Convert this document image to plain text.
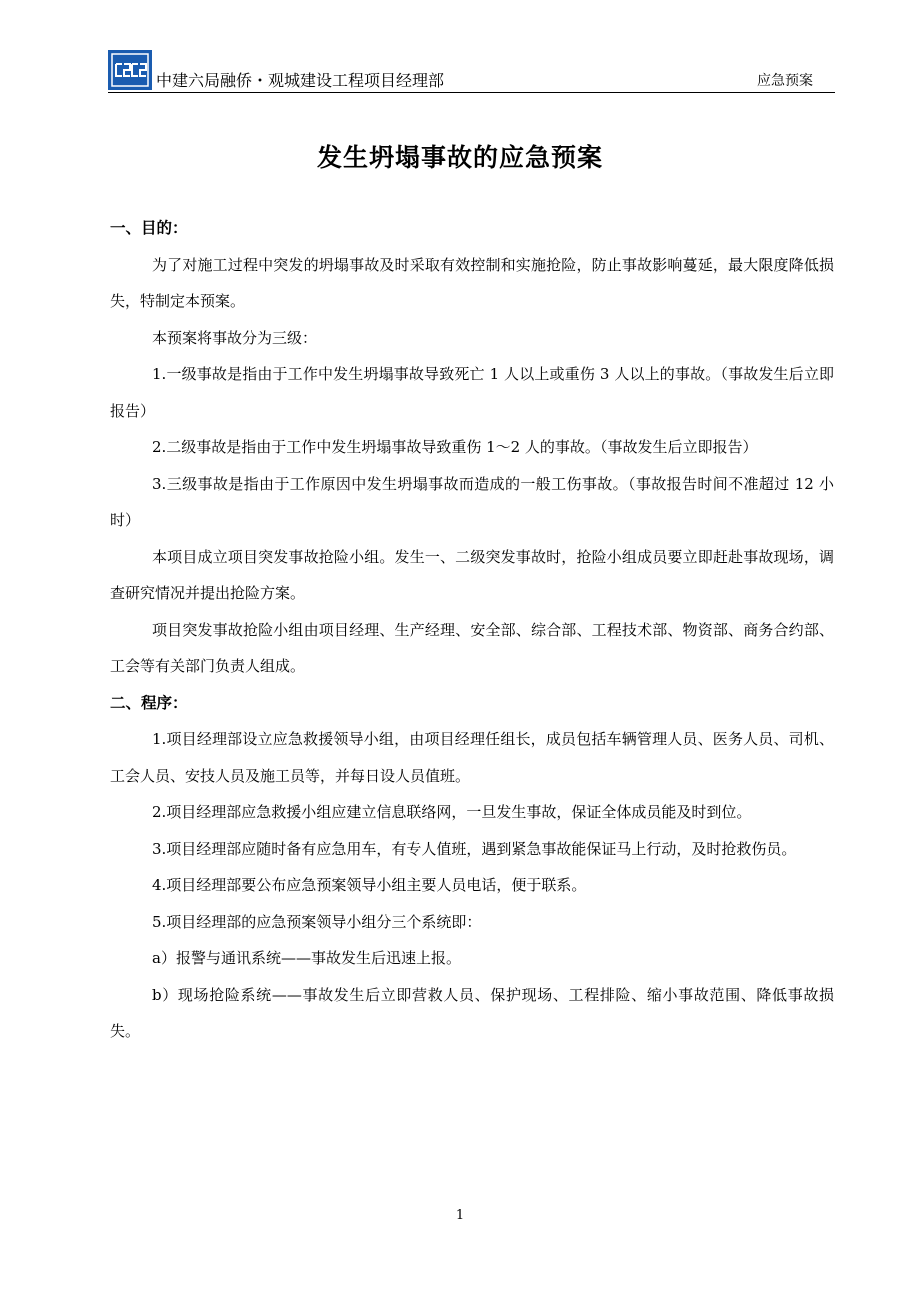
中建六局融侨・观城建设工程项目经理部	应急预案
发生坍塌事故的应急预案
一、目的：

为了对施工过程中突发的坍塌事故及时采取有效控制和实施抢险，防止事故影响蔓延，最大限度降低损失，特制定本预案。

本预案将事故分为三级：

1.一级事故是指由于工作中发生坍塌事故导致死亡 1 人以上或重伤 3 人以上的事故。（事故发生后立即报告）

2.二级事故是指由于工作中发生坍塌事故导致重伤 1～2 人的事故。（事故发生后立即报告）

3.三级事故是指由于工作原因中发生坍塌事故而造成的一般工伤事故。（事故报告时间不准超过 12 小时）

本项目成立项目突发事故抢险小组。发生一、二级突发事故时，抢险小组成员要立即赶赴事故现场，调查研究情况并提出抢险方案。

项目突发事故抢险小组由项目经理、生产经理、安全部、综合部、工程技术部、物资部、商务合约部、工会等有关部门负责人组成。

二、程序：

1.项目经理部设立应急救援领导小组，由项目经理任组长，成员包括车辆管理人员、医务人员、司机、工会人员、安技人员及施工员等，并每日设人员值班。

2.项目经理部应急救援小组应建立信息联络网，一旦发生事故，保证全体成员能及时到位。

3.项目经理部应随时备有应急用车，有专人值班，遇到紧急事故能保证马上行动，及时抢救伤员。

4.项目经理部要公布应急预案领导小组主要人员电话，便于联系。

5.项目经理部的应急预案领导小组分三个系统即：

a）报警与通讯系统——事故发生后迅速上报。

b）现场抢险系统——事故发生后立即营救人员、保护现场、工程排险、缩小事故范围、降低事故损失。

1
